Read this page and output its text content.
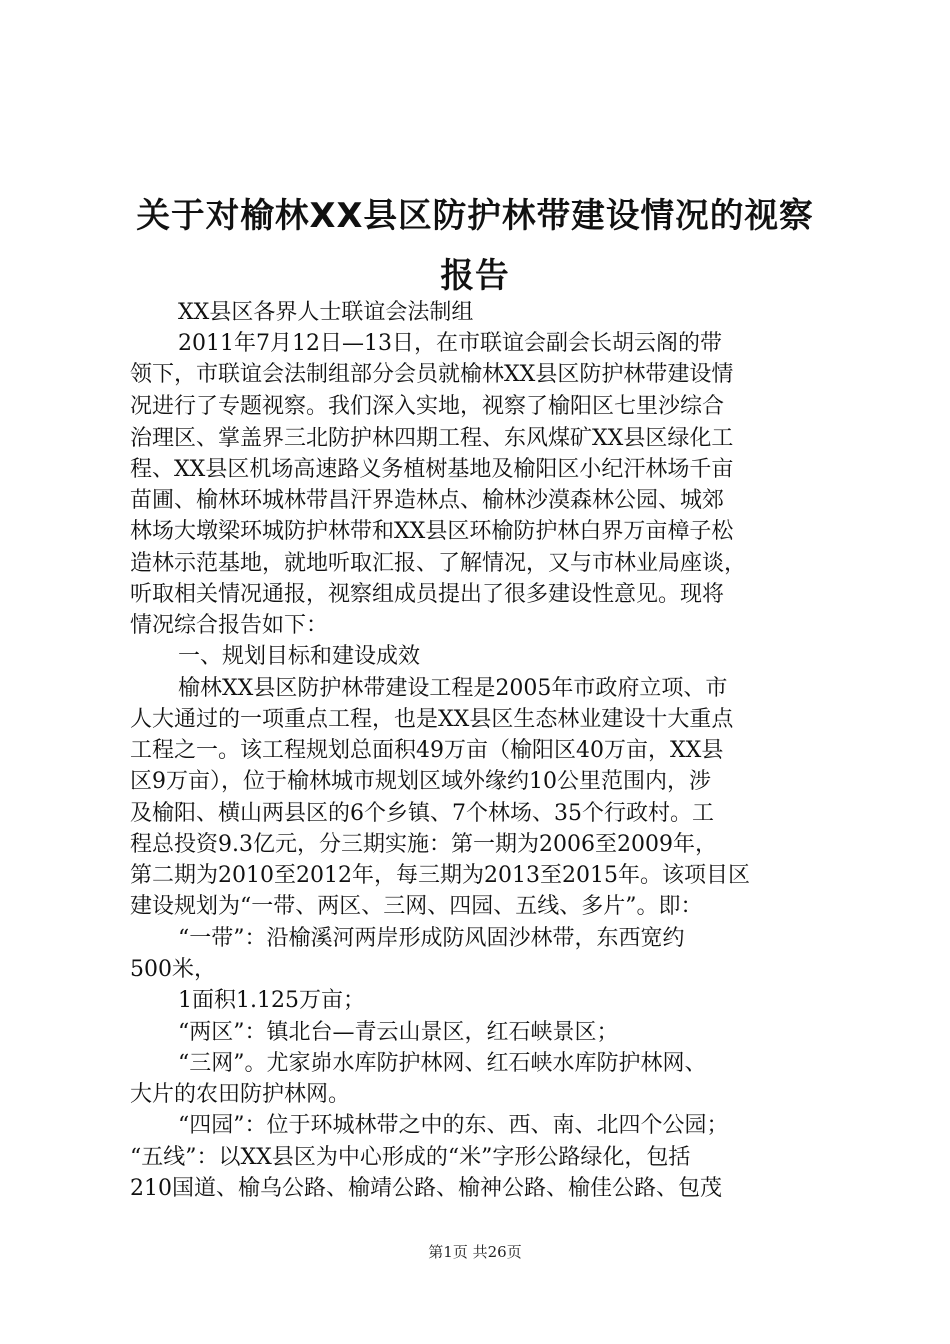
关于对榆林XX县区防护林带建设情况的视察
报告

XX县区各界人士联谊会法制组

2011年7月12日—13日，在市联谊会副会长胡云阁的带

领下，市联谊会法制组部分会员就榆林XX县区防护林带建设情

况进行了专题视察。我们深入实地，视察了榆阳区七里沙综合

治理区、掌盖界三北防护林四期工程、东风煤矿XX县区绿化工

程、XX县区机场高速路义务植树基地及榆阳区小纪汗林场千亩

苗圃、榆林环城林带昌汗界造林点、榆林沙漠森林公园、城郊

林场大墩梁环城防护林带和XX县区环榆防护林白界万亩樟子松

造林示范基地，就地听取汇报、了解情况，又与市林业局座谈，

听取相关情况通报，视察组成员提出了很多建设性意见。现将

情况综合报告如下：

一、规划目标和建设成效

榆林XX县区防护林带建设工程是2005年市政府立项、市

人大通过的一项重点工程，也是XX县区生态林业建设十大重点

工程之一。该工程规划总面积49万亩（榆阳区40万亩，XX县

区9万亩），位于榆林城市规划区域外缘约10公里范围内，涉

及榆阳、横山两县区的6个乡镇、7个林场、35个行政村。工

程总投资9.3亿元，分三期实施：第一期为2006至2009年，

第二期为2010至2012年，每三期为2013至2015年。该项目区

建设规划为“一带、两区、三网、四园、五线、多片”。即：

“一带”：沿榆溪河两岸形成防风固沙林带，东西宽约

500米，

1面积1.125万亩；

“两区”：镇北台—青云山景区，红石峡景区；

“三网”。尤家峁水库防护林网、红石峡水库防护林网、

大片的农田防护林网。

“四园”：位于环城林带之中的东、西、南、北四个公园；

“五线”：以XX县区为中心形成的“米”字形公路绿化，包括

210国道、榆乌公路、榆靖公路、榆神公路、榆佳公路、包茂

第1页 共26页
